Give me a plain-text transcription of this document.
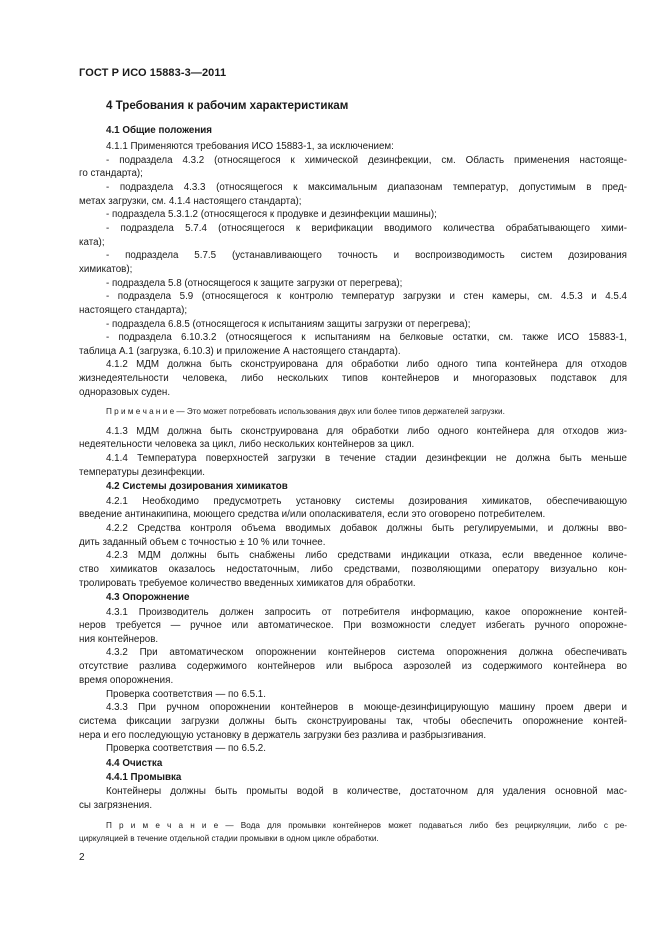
ГОСТ Р ИСО 15883-3—2011
4 Требования к рабочим характеристикам
4.1 Общие положения
4.1.1 Применяются требования ИСО 15883-1, за исключением:
- подраздела 4.3.2 (относящегося к химической дезинфекции, см. Область применения настояще-
го стандарта);
- подраздела 4.3.3 (относящегося к максимальным диапазонам температур, допустимым в пред-
метах загрузки, см. 4.1.4 настоящего стандарта);
- подраздела 5.3.1.2 (относящегося к продувке и дезинфекции машины);
- подраздела 5.7.4 (относящегося к верификации вводимого количества обрабатывающего хими-
ката);
- подраздела 5.7.5 (устанавливающего точность и воспроизводимость систем дозирования
химикатов);
- подраздела 5.8 (относящегося к защите загрузки от перегрева);
- подраздела 5.9 (относящегося к контролю температур загрузки и стен камеры, см. 4.5.3 и 4.5.4
настоящего стандарта);
- подраздела 6.8.5 (относящегося к испытаниям защиты загрузки от перегрева);
- подраздела 6.10.3.2 (относящегося к испытаниям на белковые остатки, см. также ИСО 15883-1,
таблица А.1 (загрузка, 6.10.3) и приложение А настоящего стандарта).
4.1.2 МДМ должна быть сконструирована для обработки либо одного типа контейнера для отходов
жизнедеятельности человека, либо нескольких типов контейнеров и многоразовых подставок для
одноразовых суден.
П р и м е ч а н и е — Это может потребовать использования двух или более типов держателей загрузки.
4.1.3 МДМ должна быть сконструирована для обработки либо одного контейнера для отходов жиз-
недеятельности человека за цикл, либо нескольких контейнеров за цикл.
4.1.4 Температура поверхностей загрузки в течение стадии дезинфекции не должна быть меньше
температуры дезинфекции.
4.2 Системы дозирования химикатов
4.2.1 Необходимо предусмотреть установку системы дозирования химикатов, обеспечивающую
введение антинакипина, моющего средства и/или ополаскивателя, если это оговорено потребителем.
4.2.2 Средства контроля объема вводимых добавок должны быть регулируемыми, и должны вво-
дить заданный объем с точностью ± 10 % или точнее.
4.2.3 МДМ должны быть снабжены либо средствами индикации отказа, если введенное количе-
ство химикатов оказалось недостаточным, либо средствами, позволяющими оператору визуально кон-
тролировать требуемое количество введенных химикатов для обработки.
4.3 Опорожнение
4.3.1 Производитель должен запросить от потребителя информацию, какое опорожнение контей-
неров требуется — ручное или автоматическое. При возможности следует избегать ручного опорожне-
ния контейнеров.
4.3.2 При автоматическом опорожнении контейнеров система опорожнения должна обеспечивать
отсутствие разлива содержимого контейнеров или выброса аэрозолей из содержимого контейнера во
время опорожнения.
Проверка соответствия — по 6.5.1.
4.3.3 При ручном опорожнении контейнеров в моюще-дезинфицирующую машину проем двери и
система фиксации загрузки должны быть сконструированы так, чтобы обеспечить опорожнение контей-
нера и его последующую установку в держатель загрузки без разлива и разбрызгивания.
Проверка соответствия — по 6.5.2.
4.4 Очистка
4.4.1 Промывка
Контейнеры должны быть промыты водой в количестве, достаточном для удаления основной мас-
сы загрязнения.
П р и м е ч а н и е — Вода для промывки контейнеров может подаваться либо без рециркуляции, либо с ре-
циркуляцией в течение отдельной стадии промывки в одном цикле обработки.
2
